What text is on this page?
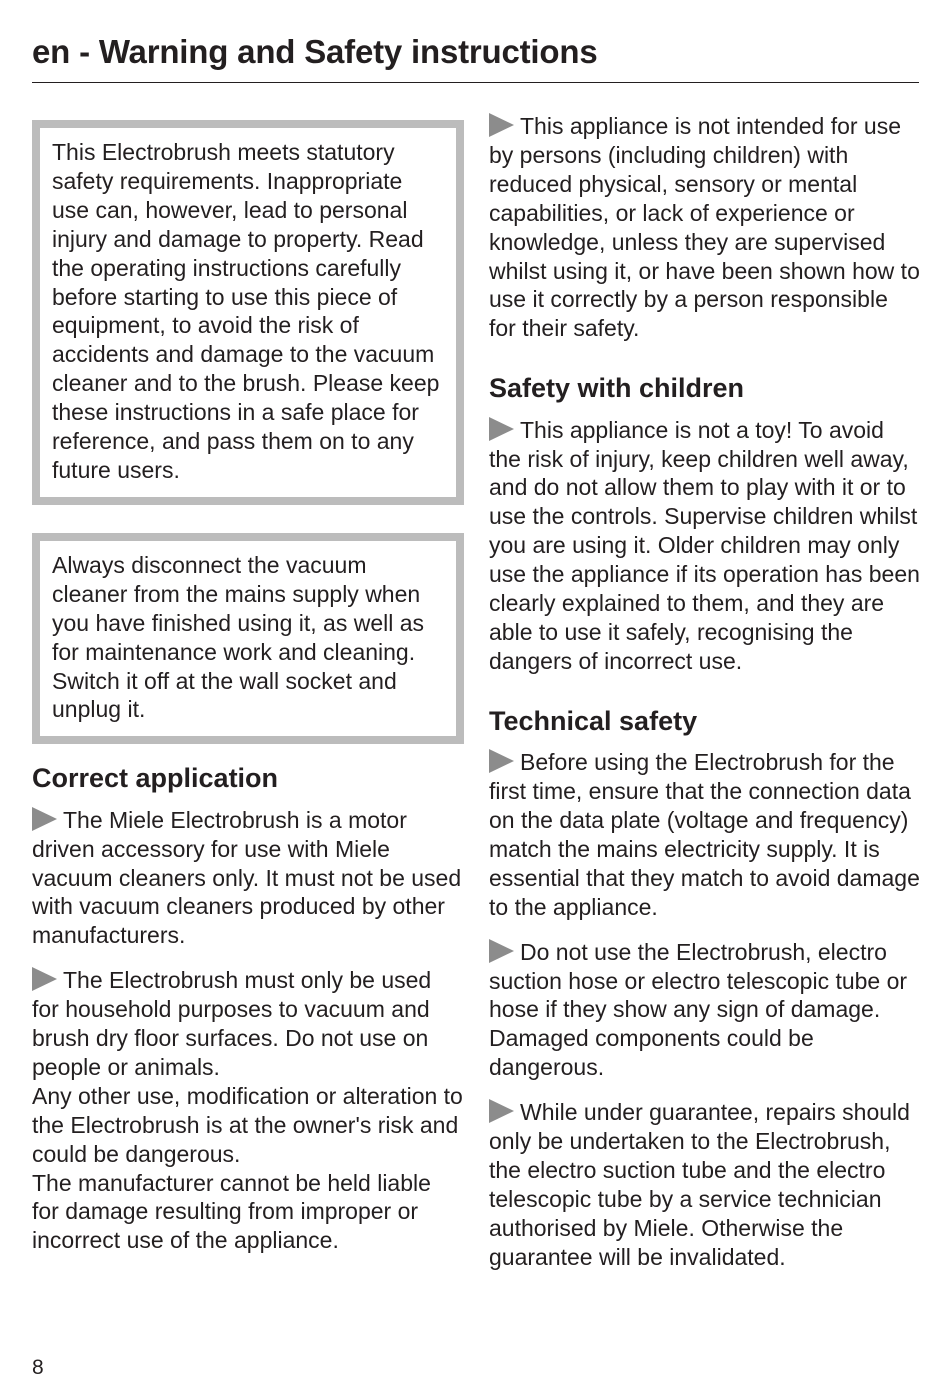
en - Warning and Safety instructions

This Electrobrush meets statutory safety requirements. Inappropriate use can, however, lead to personal injury and damage to property. Read the operating instructions carefully before starting to use this piece of equipment, to avoid the risk of accidents and damage to the vacuum cleaner and to the brush. Please keep these instructions in a safe place for reference, and pass them on to any future users.

Always disconnect the vacuum cleaner from the mains supply when you have finished using it, as well as for maintenance work and cleaning. Switch it off at the wall socket and unplug it.

Correct application

The Miele Electrobrush is a motor driven accessory for use with Miele vacuum cleaners only. It must not be used with vacuum cleaners produced by other manufacturers.

The Electrobrush must only be used for household purposes to vacuum and brush dry floor surfaces. Do not use on people or animals.

Any other use, modification or alteration to the Electrobrush is at the owner's risk and could be dangerous.

The manufacturer cannot be held liable for damage resulting from improper or incorrect use of the appliance.

This appliance is not intended for use by persons (including children) with reduced physical, sensory or mental capabilities, or lack of experience or knowledge, unless they are supervised whilst using it, or have been shown how to use it correctly by a person responsible for their safety.

Safety with children

This appliance is not a toy! To avoid the risk of injury, keep children well away, and do not allow them to play with it or to use the controls. Supervise children whilst you are using it. Older children may only use the appliance if its operation has been clearly explained to them, and they are able to use it safely, recognising the dangers of incorrect use.

Technical safety

Before using the Electrobrush for the first time, ensure that the connection data on the data plate (voltage and frequency) match the mains electricity supply. It is essential that they match to avoid damage to the appliance.

Do not use the Electrobrush, electro suction hose or electro telescopic tube or hose if they show any sign of damage. Damaged components could be dangerous.

While under guarantee, repairs should only be undertaken to the Electrobrush, the electro suction tube and the electro telescopic tube by a service technician authorised by Miele. Otherwise the guarantee will be invalidated.

8
